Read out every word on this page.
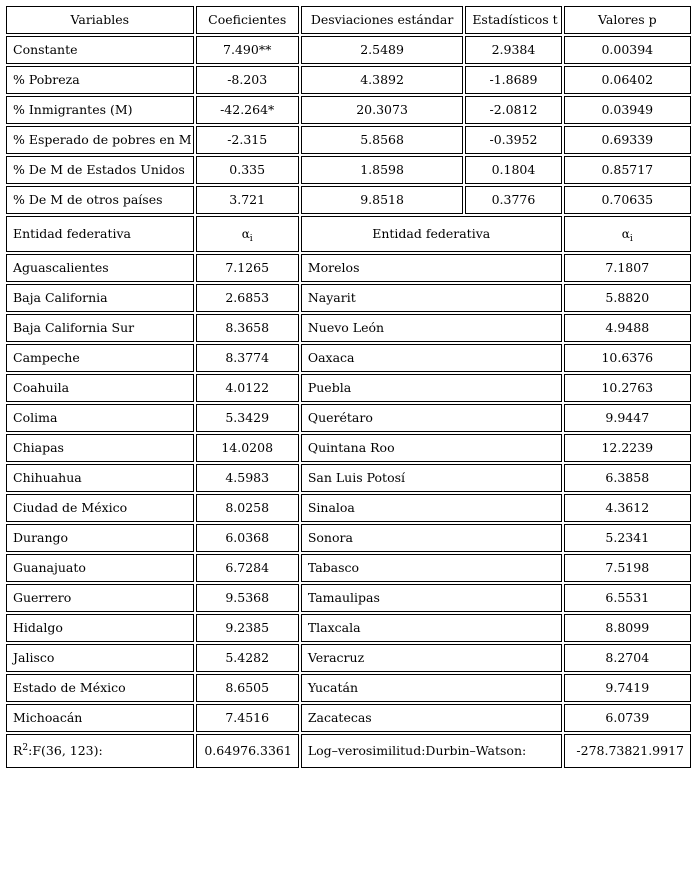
Variables	Coeficientes	Desviaciones estándar	Estadísticos t	Valores p
Constante	7.490**	2.5489	2.9384	0.00394
% Pobreza	-8.203	4.3892	-1.8689	0.06402
% Inmigrantes (M)	-42.264*	20.3073	-2.0812	0.03949
% Esperado de pobres en M	-2.315	5.8568	-0.3952	0.69339
% De M de Estados Unidos	0.335	1.8598	0.1804	0.85717
% De M de otros países	3.721	9.8518	0.3776	0.70635
Entidad federativa	$\alpha_i$	Entidad federativa		$\alpha_i$
Aguascalientes	7.1265	Morelos		7.1807
Baja California	2.6853	Nayarit		5.8820
Baja California Sur	8.3658	Nuevo León		4.9488
Campeche	8.3774	Oaxaca		10.6376
Coahuila	4.0122	Puebla		10.2763
Colima	5.3429	Querétaro		9.9447
Chiapas	14.0208	Quintana Roo		12.2239
Chihuahua	4.5983	San Luis Potosí		6.3858
Ciudad de México	8.0258	Sinaloa		4.3612
Durango	6.0368	Sonora		5.2341
Guanajuato	6.7284	Tabasco		7.5198
Guerrero	9.5368	Tamaulipas		6.5531
Hidalgo	9.2385	Tlaxcala		8.8099
Jalisco	5.4282	Veracruz		8.2704
Estado de México	8.6505	Yucatán		9.7419
Michoacán	7.4516	Zacatecas		6.0739
$R^2:F(36$, 123):	0.64976.3361	Log–verosimilitud:Durbin–Watson:		-278.73821.9917
